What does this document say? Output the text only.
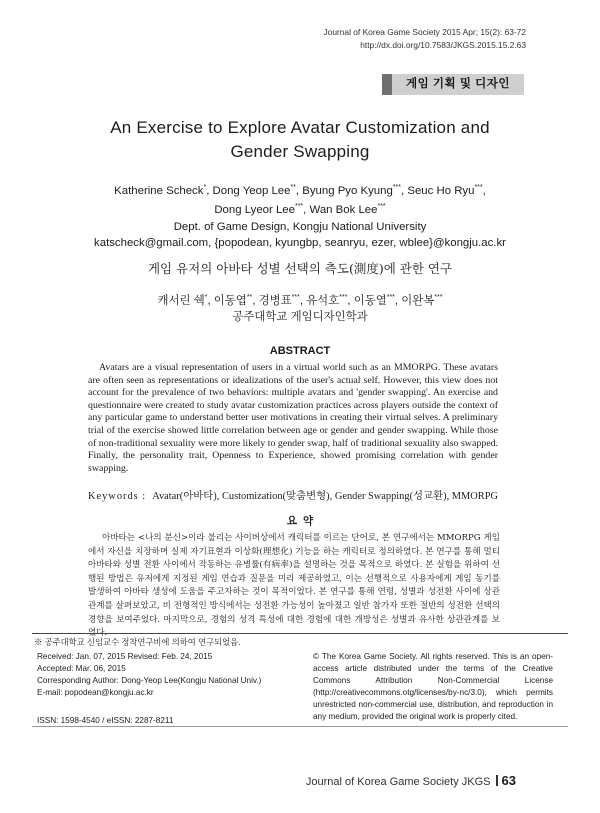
Journal of Korea Game Society 2015 Apr; 15(2): 63-72
http://dx.doi.org/10.7583/JKGS.2015.15.2.63
게임 기획 및 디자인
An Exercise to Explore Avatar Customization and
Gender Swapping
Katherine Scheck*, Dong Yeop Lee**, Byung Pyo Kyung***, Seuc Ho Ryu***,
Dong Lyeor Lee***, Wan Bok Lee***
Dept. of Game Design, Kongju National University
katscheck@gmail.com, {popodean, kyungbp, seanryu, ezer, wblee}@kongju.ac.kr
게임 유저의 아바타 성별 선택의 측도(測度)에 관한 연구
캐서린 쉑*, 이동엽**, 경병표***, 유석호***, 이동열***, 이완복***
공주대학교 게임디자인학과
ABSTRACT

Avatars are a visual representation of users in a virtual world such as an MMORPG. These avatars are often seen as representations or idealizations of the user's actual self. However, this view does not account for the prevalence of two behaviors: multiple avatars and 'gender swapping'. An exercise and questionnaire were created to study avatar customization practices across players outside the context of any particular game to understand better user motivations in creating their virtual selves. A preliminary trial of the exercise showed little correlation between age or gender and gender swapping. While those of non-traditional sexuality were more likely to gender swap, half of traditional sexuality also swapped. Finally, the personality trait, Openness to Experience, showed promising correlation with gender swapping.

Keywords : Avatar(아바타), Customization(맞춤변형), Gender Swapping(성교환), MMORPG
요약

아바타는 <나의 분신>이라 불리는 사이버상에서 캐릭터를 이르는 단어로, 본 연구에서는 MMORPG 게임에서 자신을 치장하며 실제 자기표현과 이상화(理想化) 기능을 하는 캐릭터로 정의하였다. 본 연구를 통해 멀티 아바타와 성별 전환 사이에서 작동하는 유병률(有病率)을 설명하는 것을 목적으로 하였다. 본 실험을 위하여 선행된 방법은 유저에게 지정된 게임 연습과 질문을 미리 제공하였고, 이는 선행적으로 사용자에게 게임 동기를 발생하여 아바타 생성에 도움을 주고자하는 것이 목적이었다. 본 연구를 통해 연령, 성별과 성전환 사이에 상관관계를 살펴보았고, 비 전형적인 방식에서는 성전환 가능성이 높아졌고 일반 참가자 또한 절반의 성전환 선택의 경향을 보여주었다. 마지막으로, 경험의 성격 특성에 대한 경험에 대한 개방성은 성별과 유사한 상관관계를 보였다.

※ 공주대학교 신임교수 정착연구비에 의하여 연구되었음.
Received: Jan. 07, 2015 Revised: Feb. 24, 2015
Accepted: Mar. 06, 2015
Corresponding Author: Dong-Yeop Lee(Kongju National Univ.)
E-mail: popodean@kongju.ac.kr
ISSN: 1598-4540 / eISSN: 2287-8211
© The Korea Game Society. All rights reserved. This is an open-access article distributed under the terms of the Creative Commons Attribution Non-Commercial License (http://creativecommons.otg/licenses/by-nc/3.0), which permits unrestricted non-commercial use, distribution, and reproduction in any medium, provided the original work is properly cited.
Journal of Korea Game Society JKGS 63
